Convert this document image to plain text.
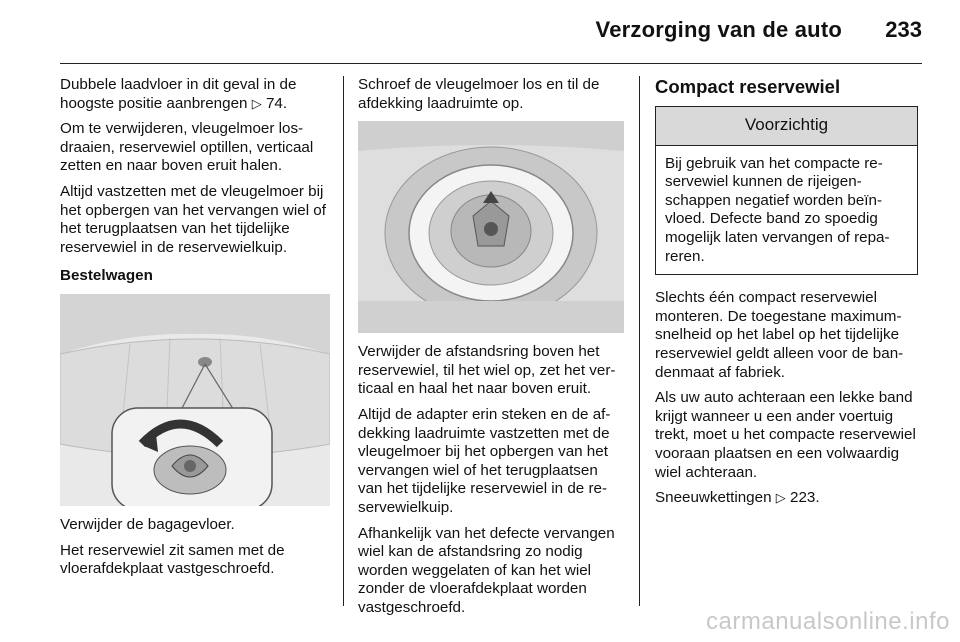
Verzorging van de auto 233

Dubbele laadvloer in dit geval in de hoogste positie aanbrengen ▷ 74.

Om te verwijderen, vleugelmoer losdraaien, reservewiel optillen, verticaal zetten en naar boven eruit halen.

Altijd vastzetten met de vleugelmoer bij het opbergen van het vervangen wiel of het terugplaatsen van het tijdelijke reservewiel in de reservewielkuip.

Bestelwagen

Verwijder de bagagevloer.

Het reservewiel zit samen met de vloerafdekplaat vastgeschroefd.

Schroef de vleugelmoer los en til de afdekking laadruimte op.

Verwijder de afstandsring boven het reservewiel, til het wiel op, zet het verticaal en haal het naar boven eruit.

Altijd de adapter erin steken en de afdekking laadruimte vastzetten met de vleugelmoer bij het opbergen van het vervangen wiel of het terugplaatsen van het tijdelijke reservewiel in de reservewielkuip.

Afhankelijk van het defecte vervangen wiel kan de afstandsring zo nodig worden weggelaten of kan het wiel zonder de vloerafdekplaat worden vastgeschroefd.

Compact reservewiel
Voorzichtig
Bij gebruik van het compacte reservewiel kunnen de rijeigenschappen negatief worden beïnvloed. Defecte band zo spoedig mogelijk laten vervangen of repareren.

Slechts één compact reservewiel monteren. De toegestane maximumsnelheid op het label op het tijdelijke reservewiel geldt alleen voor de bandenmaat af fabriek.

Als uw auto achteraan een lekke band krijgt wanneer u een ander voertuig trekt, moet u het compacte reservewiel vooraan plaatsen en een volwaardig wiel achteraan.

Sneeuwkettingen ▷ 223.

carmanualsonline.info
